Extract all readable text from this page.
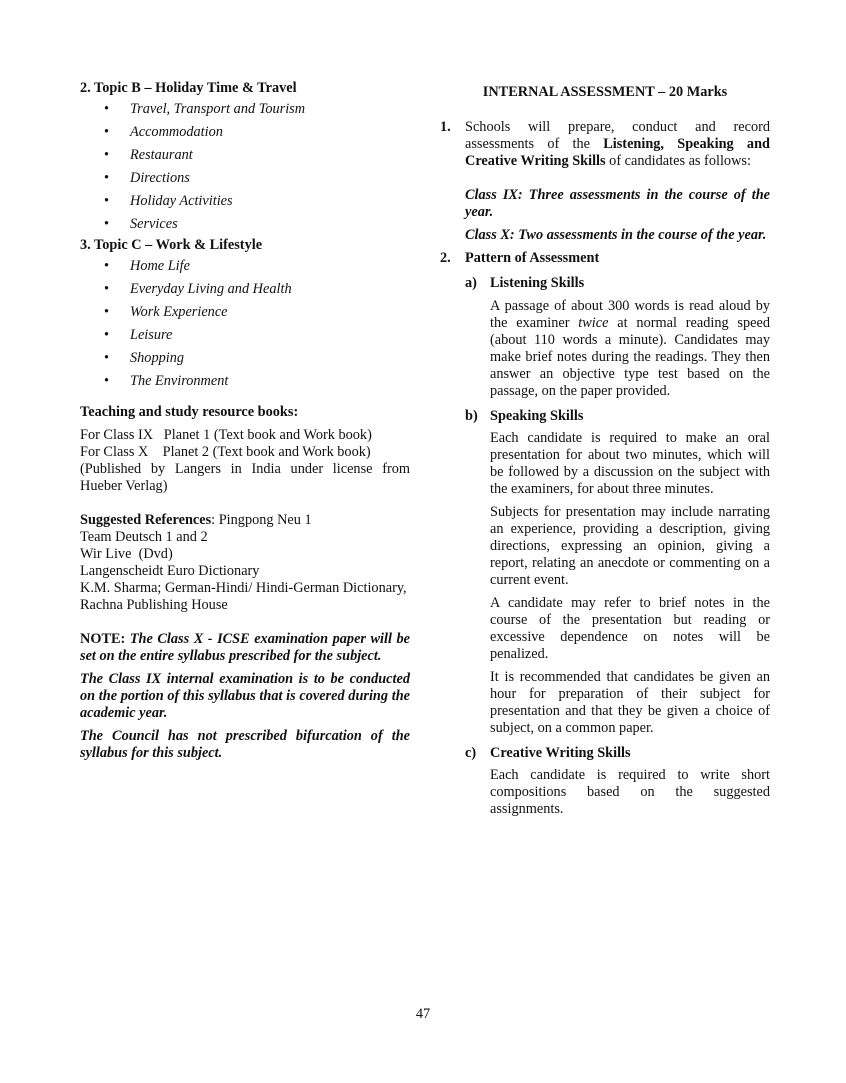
2. Topic B – Holiday Time & Travel

• Travel, Transport and Tourism
• Accommodation
• Restaurant
• Directions
• Holiday Activities
• Services

3. Topic C – Work & Lifestyle

• Home Life
• Everyday Living and Health
• Work Experience
• Leisure
• Shopping
• The Environment

Teaching and study resource books:

For Class IX   Planet 1 (Text book and Work book)
For Class X    Planet 2 (Text book and Work book)
(Published by Langers in India under license from Hueber Verlag)
Suggested References: Pingpong Neu 1
Team Deutsch 1 and 2
Wir Live  (Dvd)
Langenscheidt Euro Dictionary
K.M. Sharma; German-Hindi/ Hindi-German Dictionary, Rachna Publishing House

NOTE: The Class X - ICSE examination paper will be set on the entire syllabus prescribed for the subject.

The Class IX internal examination is to be conducted on the portion of this syllabus that is covered during the academic year.

The Council has not prescribed bifurcation of the syllabus for this subject.

INTERNAL ASSESSMENT – 20 Marks

1. Schools will prepare, conduct and record assessments of the Listening, Speaking and Creative Writing Skills of candidates as follows:

Class IX: Three assessments in the course of the year.

Class X: Two assessments in the course of the year.

2. Pattern of Assessment
a) Listening Skills

A passage of about 300 words is read aloud by the examiner twice at normal reading speed (about 110 words a minute). Candidates may make brief notes during the readings. They then answer an objective type test based on the passage, on the paper provided.

b) Speaking Skills

Each candidate is required to make an oral presentation for about two minutes, which will be followed by a discussion on the subject with the examiners, for about three minutes.

Subjects for presentation may include narrating an experience, providing a description, giving directions, expressing an opinion, giving a report, relating an anecdote or commenting on a current event.

A candidate may refer to brief notes in the course of the presentation but reading or excessive dependence on notes will be penalized.

It is recommended that candidates be given an hour for preparation of their subject for presentation and that they be given a choice of subject, on a common paper.

c) Creative Writing Skills

Each candidate is required to write short compositions based on the suggested assignments.

47
